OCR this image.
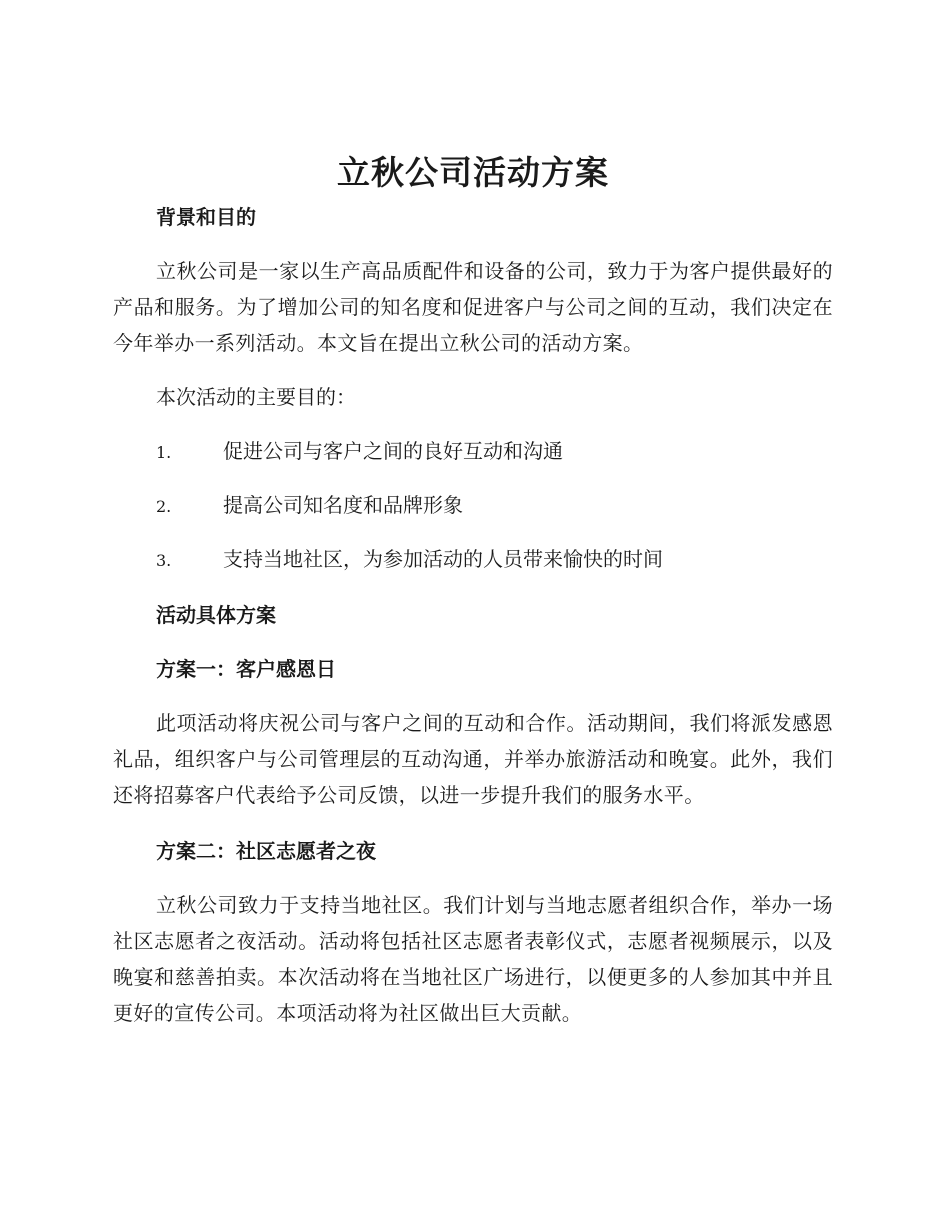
立秋公司活动方案
背景和目的

立秋公司是一家以生产高品质配件和设备的公司，致力于为客户提供最好的产品和服务。为了增加公司的知名度和促进客户与公司之间的互动，我们决定在今年举办一系列活动。本文旨在提出立秋公司的活动方案。

本次活动的主要目的：

1.	促进公司与客户之间的良好互动和沟通
2.	提高公司知名度和品牌形象
3.	支持当地社区，为参加活动的人员带来愉快的时间
活动具体方案
方案一：客户感恩日

此项活动将庆祝公司与客户之间的互动和合作。活动期间，我们将派发感恩礼品，组织客户与公司管理层的互动沟通，并举办旅游活动和晚宴。此外，我们还将招募客户代表给予公司反馈，以进一步提升我们的服务水平。

方案二：社区志愿者之夜

立秋公司致力于支持当地社区。我们计划与当地志愿者组织合作，举办一场社区志愿者之夜活动。活动将包括社区志愿者表彰仪式，志愿者视频展示，以及晚宴和慈善拍卖。本次活动将在当地社区广场进行，以便更多的人参加其中并且更好的宣传公司。本项活动将为社区做出巨大贡献。
